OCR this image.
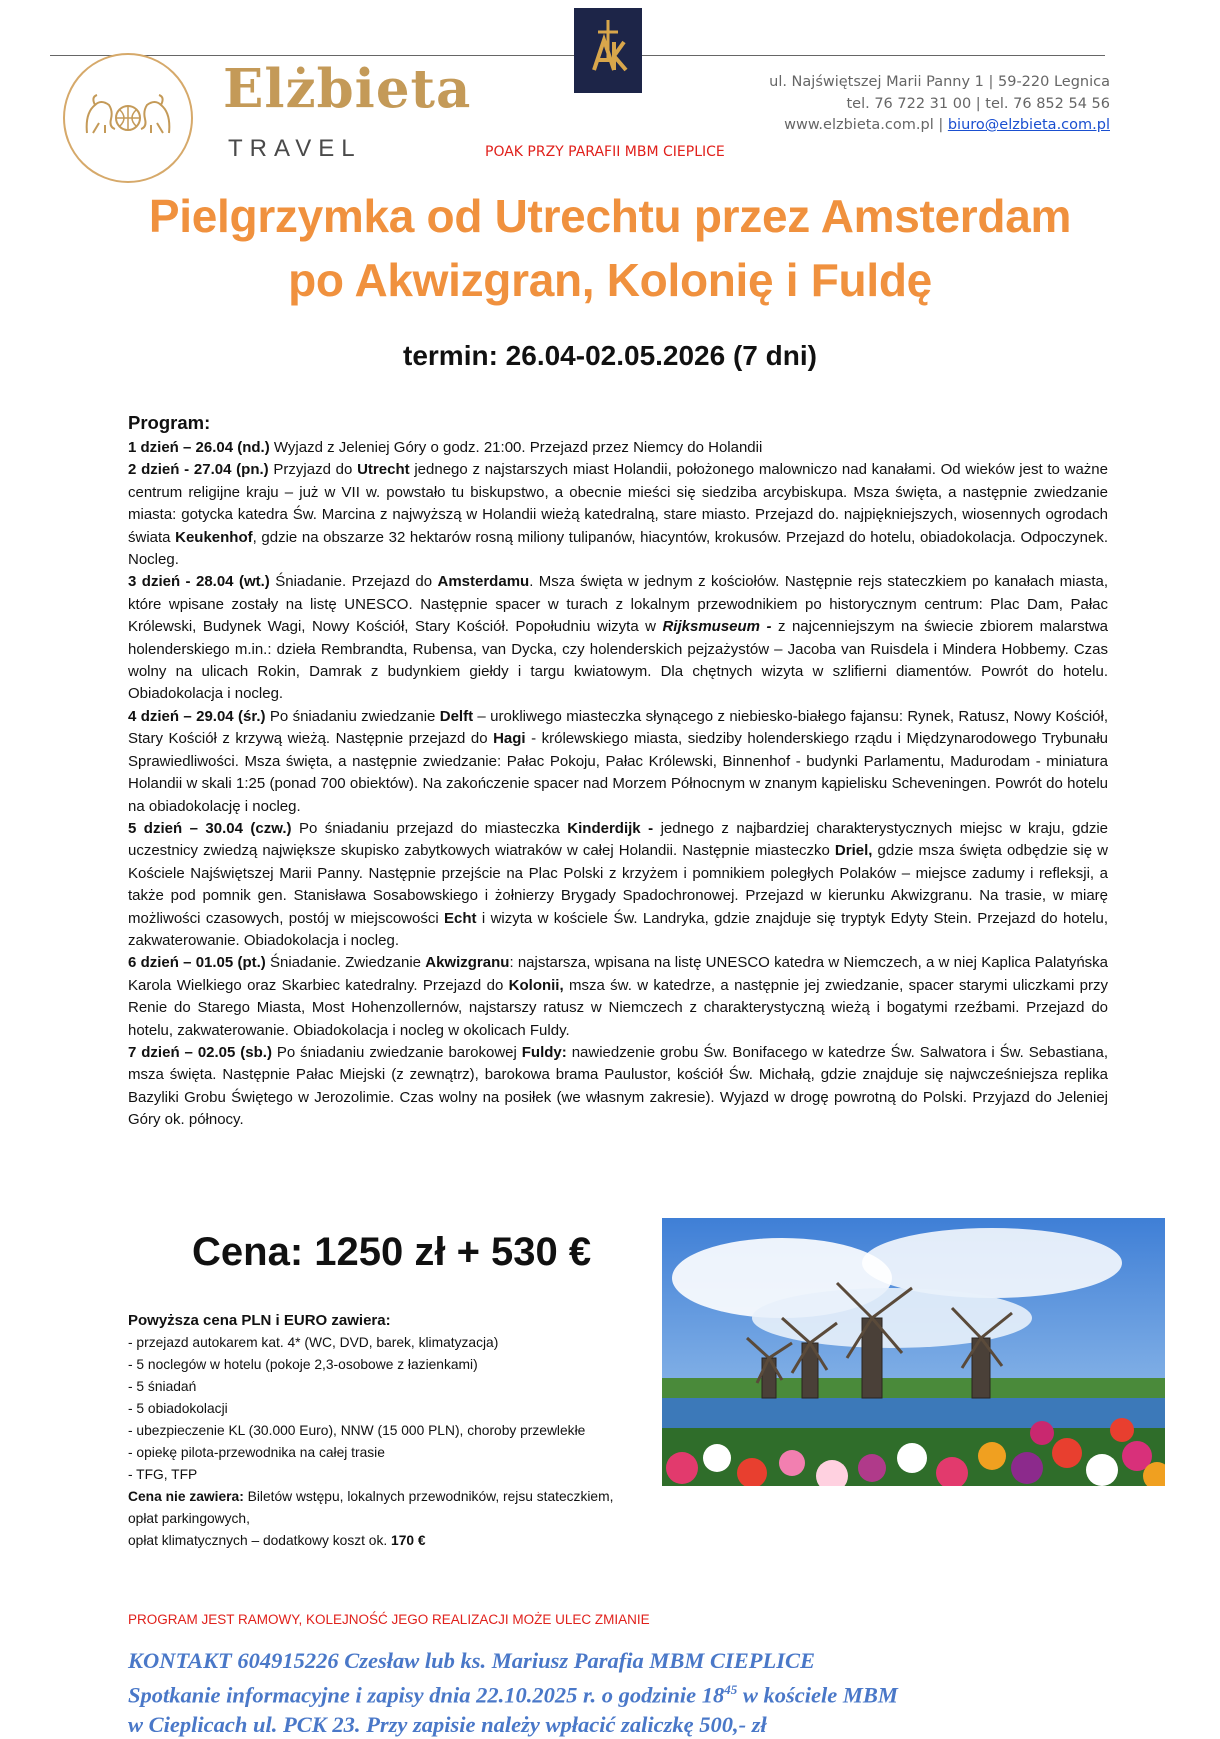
Elżbieta
TRAVEL
ul. Najświętszej Marii Panny 1 | 59-220 Legnica
tel. 76 722 31 00 | tel. 76 852 54 56
www.elzbieta.com.pl | biuro@elzbieta.com.pl
POAK PRZY PARAFII MBM CIEPLICE
Pielgrzymka od Utrechtu przez Amsterdam
po Akwizgran, Kolonię i Fuldę
termin: 26.04-02.05.2026 (7 dni)
Program:

1 dzień – 26.04 (nd.) Wyjazd z Jeleniej Góry o godz. 21:00. Przejazd przez Niemcy do Holandii

2 dzień - 27.04 (pn.) Przyjazd do Utrecht jednego z najstarszych miast Holandii, położonego malowniczo nad kanałami. Od wieków jest to ważne centrum religijne kraju – już w VII w. powstało tu biskupstwo, a obecnie mieści się siedziba arcybiskupa. Msza święta, a następnie zwiedzanie miasta: gotycka katedra Św. Marcina z najwyższą w Holandii wieżą katedralną, stare miasto. Przejazd do. najpiękniejszych, wiosennych ogrodach świata Keukenhof, gdzie na obszarze 32 hektarów rosną miliony tulipanów, hiacyntów, krokusów. Przejazd do hotelu, obiadokolacja. Odpoczynek. Nocleg.

3 dzień - 28.04 (wt.) Śniadanie. Przejazd do Amsterdamu. Msza święta w jednym z kościołów. Następnie rejs stateczkiem po kanałach miasta, które wpisane zostały na listę UNESCO. Następnie spacer w turach z lokalnym przewodnikiem po historycznym centrum: Plac Dam, Pałac Królewski, Budynek Wagi, Nowy Kościół, Stary Kościół. Popołudniu wizyta w Rijksmuseum - z najcenniejszym na świecie zbiorem malarstwa holenderskiego m.in.: dzieła Rembrandta, Rubensa, van Dycka, czy holenderskich pejzażystów – Jacoba van Ruisdela i Mindera Hobbemy. Czas wolny na ulicach Rokin, Damrak z budynkiem giełdy i targu kwiatowym. Dla chętnych wizyta w szlifierni diamentów. Powrót do hotelu. Obiadokolacja i nocleg.

4 dzień – 29.04 (śr.) Po śniadaniu zwiedzanie Delft – urokliwego miasteczka słynącego z niebiesko-białego fajansu: Rynek, Ratusz, Nowy Kościół, Stary Kościół z krzywą wieżą. Następnie przejazd do Hagi - królewskiego miasta, siedziby holenderskiego rządu i Międzynarodowego Trybunału Sprawiedliwości. Msza święta, a następnie zwiedzanie: Pałac Pokoju, Pałac Królewski, Binnenhof - budynki Parlamentu, Madurodam - miniatura Holandii w skali 1:25 (ponad 700 obiektów). Na zakończenie spacer nad Morzem Północnym w znanym kąpielisku Scheveningen. Powrót do hotelu na obiadokolację i nocleg.

5 dzień – 30.04 (czw.) Po śniadaniu przejazd do miasteczka Kinderdijk - jednego z najbardziej charakterystycznych miejsc w kraju, gdzie uczestnicy zwiedzą największe skupisko zabytkowych wiatraków w całej Holandii. Następnie miasteczko Driel, gdzie msza święta odbędzie się w Kościele Najświętszej Marii Panny. Następnie przejście na Plac Polski z krzyżem i pomnikiem poległych Polaków – miejsce zadumy i refleksji, a także pod pomnik gen. Stanisława Sosabowskiego i żołnierzy Brygady Spadochronowej. Przejazd w kierunku Akwizgranu. Na trasie, w miarę możliwości czasowych, postój w miejscowości Echt i wizyta w kościele Św. Landryka, gdzie znajduje się tryptyk Edyty Stein. Przejazd do hotelu, zakwaterowanie. Obiadokolacja i nocleg.

6 dzień – 01.05 (pt.) Śniadanie. Zwiedzanie Akwizgranu: najstarsza, wpisana na listę UNESCO katedra w Niemczech, a w niej Kaplica Palatyńska Karola Wielkiego oraz Skarbiec katedralny. Przejazd do Kolonii, msza św. w katedrze, a następnie jej zwiedzanie, spacer starymi uliczkami przy Renie do Starego Miasta, Most Hohenzollernów, najstarszy ratusz w Niemczech z charakterystyczną wieżą i bogatymi rzeźbami. Przejazd do hotelu, zakwaterowanie. Obiadokolacja i nocleg w okolicach Fuldy.

7 dzień – 02.05 (sb.) Po śniadaniu zwiedzanie barokowej Fuldy: nawiedzenie grobu Św. Bonifacego w katedrze Św. Salwatora i Św. Sebastiana, msza święta. Następnie Pałac Miejski (z zewnątrz), barokowa brama Paulustor, kościół Św. Michałą, gdzie znajduje się najwcześniejsza replika Bazyliki Grobu Świętego w Jerozolimie. Czas wolny na posiłek (we własnym zakresie). Wyjazd w drogę powrotną do Polski. Przyjazd do Jeleniej Góry ok. północy.

Cena: 1250 zł + 530 €
Powyższa cena PLN i EURO zawiera:
- przejazd autokarem kat. 4* (WC, DVD, barek, klimatyzacja)
- 5 noclegów w hotelu (pokoje 2,3-osobowe z łazienkami)
- 5 śniadań
- 5 obiadokolacji
- ubezpieczenie KL (30.000 Euro), NNW (15 000 PLN), choroby przewlekłe
- opiekę pilota-przewodnika na całej trasie
- TFG, TFP
Cena nie zawiera: Biletów wstępu, lokalnych przewodników, rejsu stateczkiem,
opłat parkingowych,
opłat klimatycznych – dodatkowy koszt ok. 170 €
PROGRAM JEST RAMOWY, KOLEJNOŚĆ JEGO REALIZACJI MOŻE ULEC ZMIANIE
KONTAKT 604915226 Czesław lub ks. Mariusz Parafia MBM CIEPLICE
Spotkanie informacyjne i zapisy dnia 22.10.2025 r. o godzinie $18^{45}$ w kościele MBM
w Cieplicach ul. PCK 23. Przy zapisie należy wpłacić zaliczkę 500,- zł
